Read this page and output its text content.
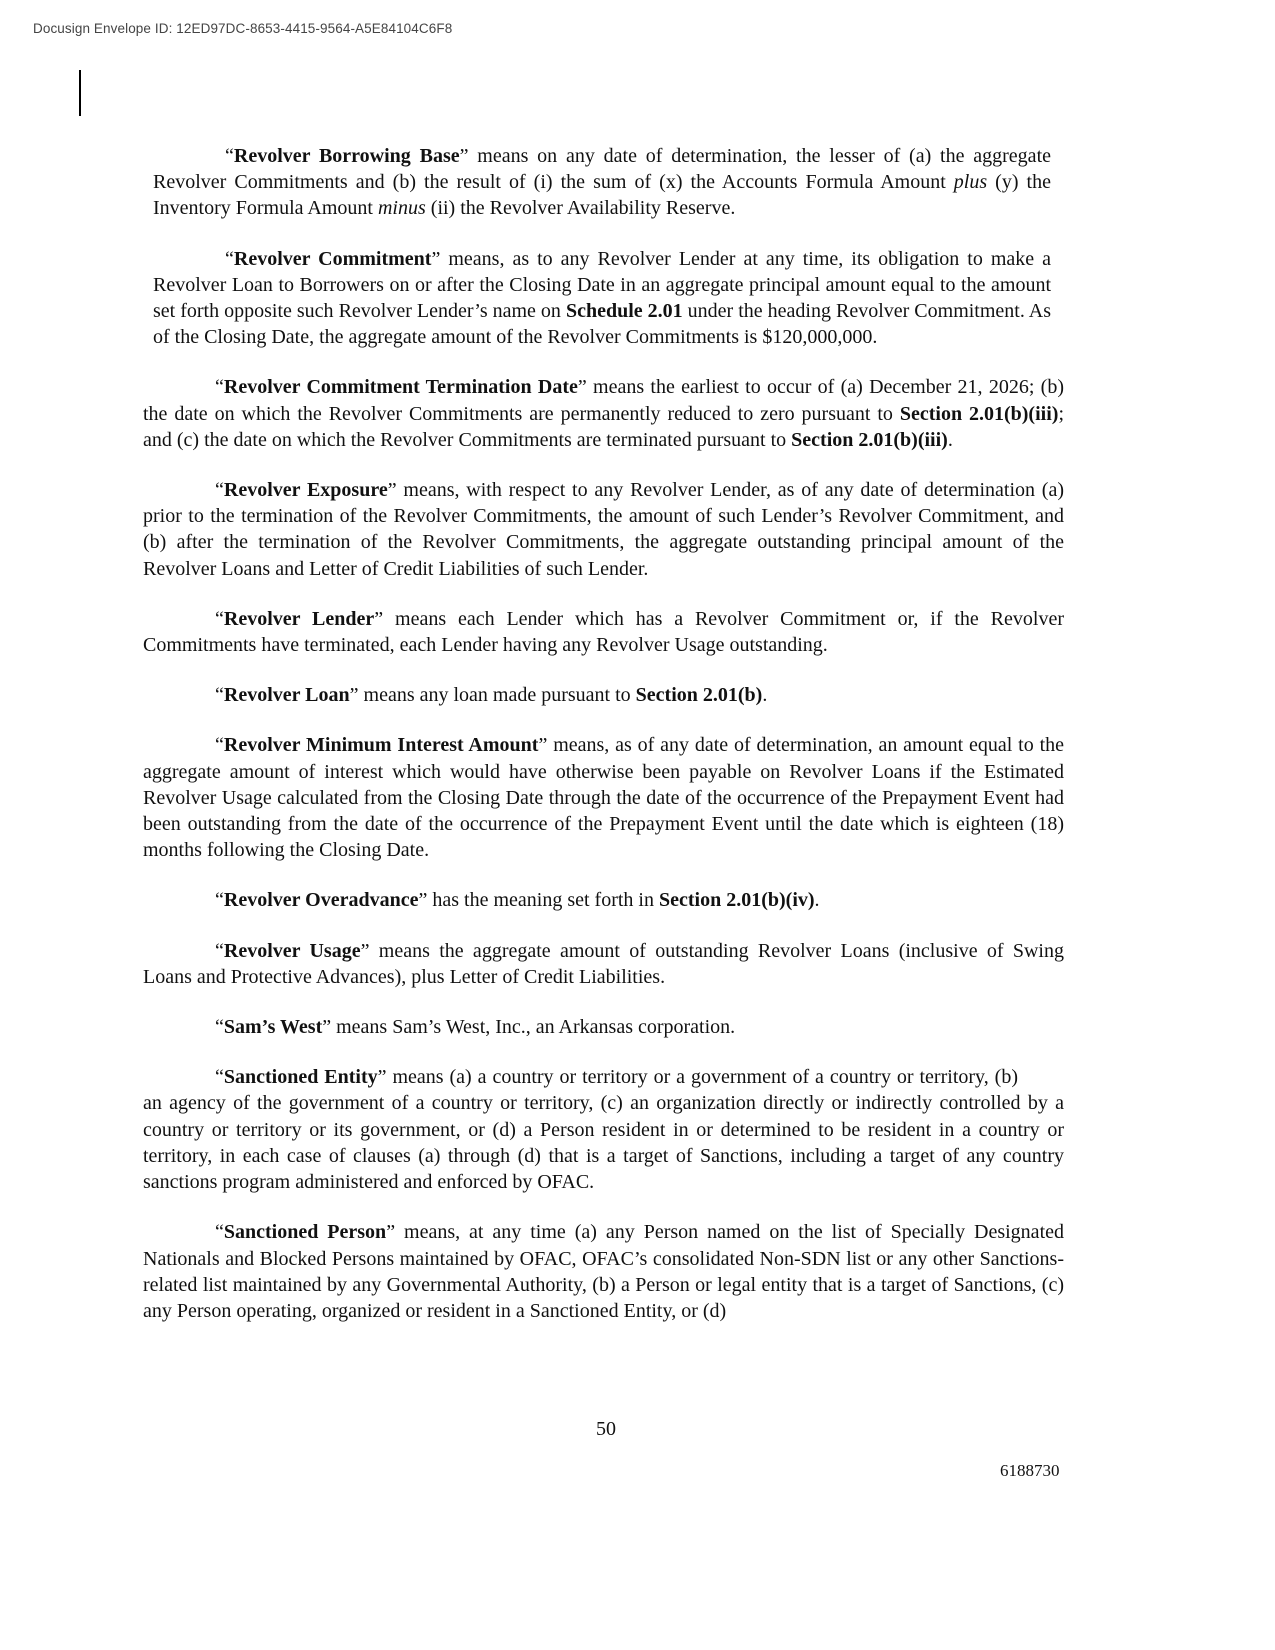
Docusign Envelope ID: 12ED97DC-8653-4415-9564-A5E84104C6F8

“Revolver Borrowing Base” means on any date of determination, the lesser of (a) the aggregate Revolver Commitments and (b) the result of (i) the sum of (x) the Accounts Formula Amount plus (y) the Inventory Formula Amount minus (ii) the Revolver Availability Reserve.

“Revolver Commitment” means, as to any Revolver Lender at any time, its obligation to make a Revolver Loan to Borrowers on or after the Closing Date in an aggregate principal amount equal to the amount set forth opposite such Revolver Lender’s name on Schedule 2.01 under the heading Revolver Commitment. As of the Closing Date, the aggregate amount of the Revolver Commitments is $120,000,000.

“Revolver Commitment Termination Date” means the earliest to occur of (a) December 21, 2026; (b) the date on which the Revolver Commitments are permanently reduced to zero pursuant to Section 2.01(b)(iii); and (c) the date on which the Revolver Commitments are terminated pursuant to Section 2.01(b)(iii).

“Revolver Exposure” means, with respect to any Revolver Lender, as of any date of determination (a) prior to the termination of the Revolver Commitments, the amount of such Lender’s Revolver Commitment, and (b) after the termination of the Revolver Commitments, the aggregate outstanding principal amount of the Revolver Loans and Letter of Credit Liabilities of such Lender.

“Revolver Lender” means each Lender which has a Revolver Commitment or, if the Revolver Commitments have terminated, each Lender having any Revolver Usage outstanding.

“Revolver Loan” means any loan made pursuant to Section 2.01(b).

“Revolver Minimum Interest Amount” means, as of any date of determination, an amount equal to the aggregate amount of interest which would have otherwise been payable on Revolver Loans if the Estimated Revolver Usage calculated from the Closing Date through the date of the occurrence of the Prepayment Event had been outstanding from the date of the occurrence of the Prepayment Event until the date which is eighteen (18) months following the Closing Date.

“Revolver Overadvance” has the meaning set forth in Section 2.01(b)(iv).

“Revolver Usage” means the aggregate amount of outstanding Revolver Loans (inclusive of Swing Loans and Protective Advances), plus Letter of Credit Liabilities.

“Sam’s West” means Sam’s West, Inc., an Arkansas corporation.

“Sanctioned Entity” means (a) a country or territory or a government of a country or territory, (b)an agency of the government of a country or territory, (c) an organization directly or indirectly controlled by a country or territory or its government, or (d) a Person resident in or determined to be resident in a country or territory, in each case of clauses (a) through (d) that is a target of Sanctions, including a target of any country sanctions program administered and enforced by OFAC.

“Sanctioned Person” means, at any time (a) any Person named on the list of Specially Designated Nationals and Blocked Persons maintained by OFAC, OFAC’s consolidated Non-SDN list or any other Sanctions-related list maintained by any Governmental Authority, (b) a Person or legal entity that is a target of Sanctions, (c) any Person operating, organized or resident in a Sanctioned Entity, or (d)

50
6188730
